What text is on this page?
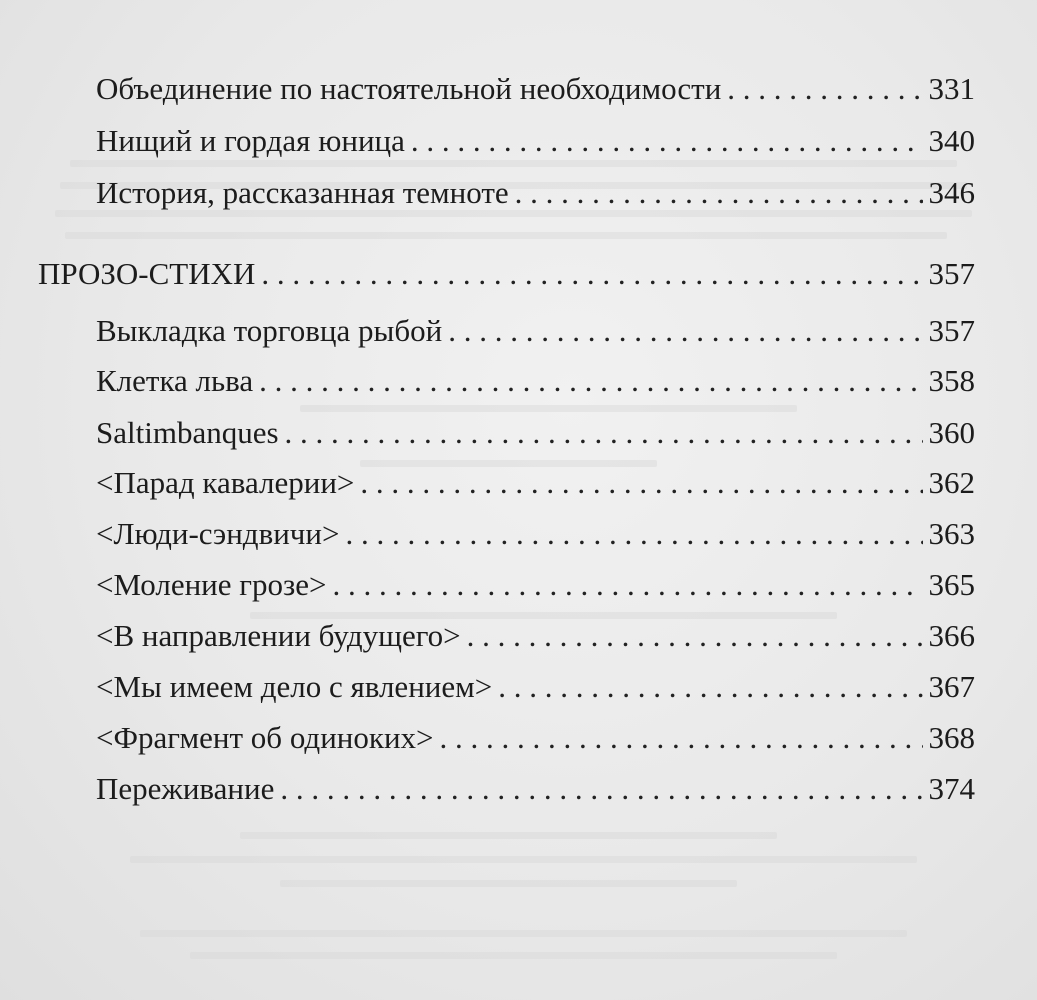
Объединение по настоятельной необходимости . . .	331
Нищий и гордая юница . . .	340
История, рассказанная темноте . . .	346
ПРОЗО-СТИХИ . . .	357
Выкладка торговца рыбой . . .	357
Клетка льва . . .	358
Saltimbanques . . .	360
<Парад кавалерии> . . .	362
<Люди-сэндвичи> . . .	363
<Моление грозе> . . .	365
<В направлении будущего> . . .	366
<Мы имеем дело с явлением> . . .	367
<Фрагмент об одиноких> . . .	368
Переживание . . .	374
